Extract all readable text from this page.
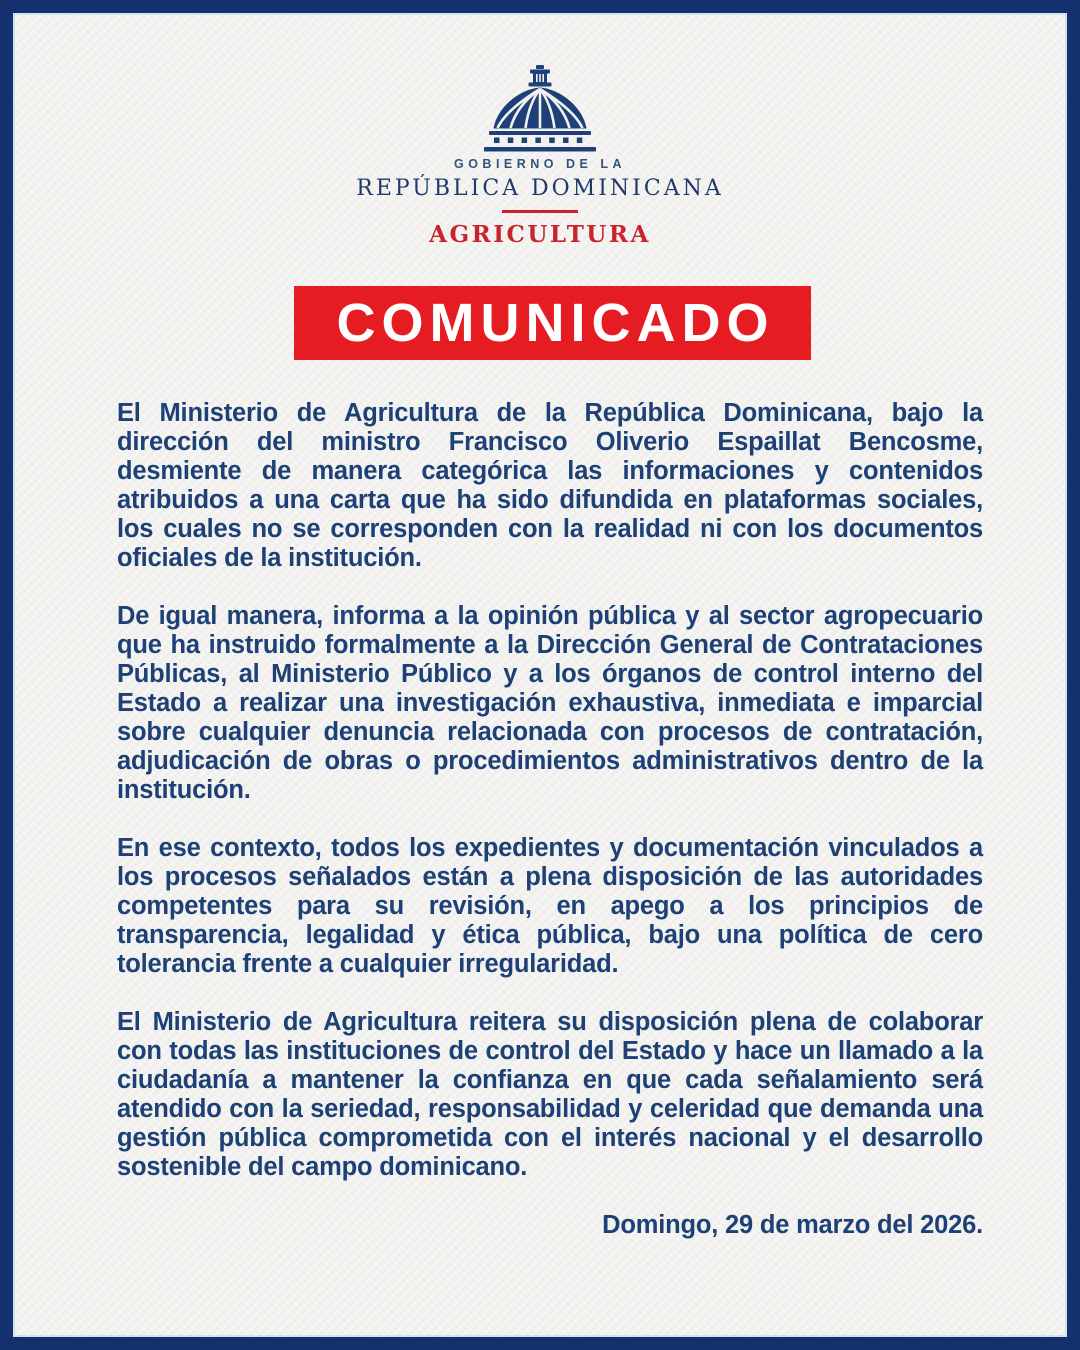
GOBIERNO DE LA

REPÚBLICA DOMINICANA

AGRICULTURA

COMUNICADO

El Ministerio de Agricultura de la República Dominicana, bajo la dirección del ministro Francisco Oliverio Espaillat Bencosme, desmiente de manera categórica las informaciones y contenidos atribuidos a una carta que ha sido difundida en plataformas sociales, los cuales no se corresponden con la realidad ni con los documentos oficiales de la institución.

De igual manera, informa a la opinión pública y al sector agropecuario que ha instruido formalmente a la Dirección General de Contrataciones Públicas, al Ministerio Público y a los órganos de control interno del Estado a realizar una investigación exhaustiva, inmediata e imparcial sobre cualquier denuncia relacionada con procesos de contratación, adjudicación de obras o procedimientos administrativos dentro de la institución.

En ese contexto, todos los expedientes y documentación vinculados a los procesos señalados están a plena disposición de las autoridades competentes para su revisión, en apego a los principios de transparencia, legalidad y ética pública, bajo una política de cero tolerancia frente a cualquier irregularidad.

El Ministerio de Agricultura reitera su disposición plena de colaborar con todas las instituciones de control del Estado y hace un llamado a la ciudadanía a mantener la confianza en que cada señalamiento será atendido con la seriedad, responsabilidad y celeridad que demanda una gestión pública comprometida con el interés nacional y el desarrollo sostenible del campo dominicano.

Domingo, 29 de marzo del 2026.
